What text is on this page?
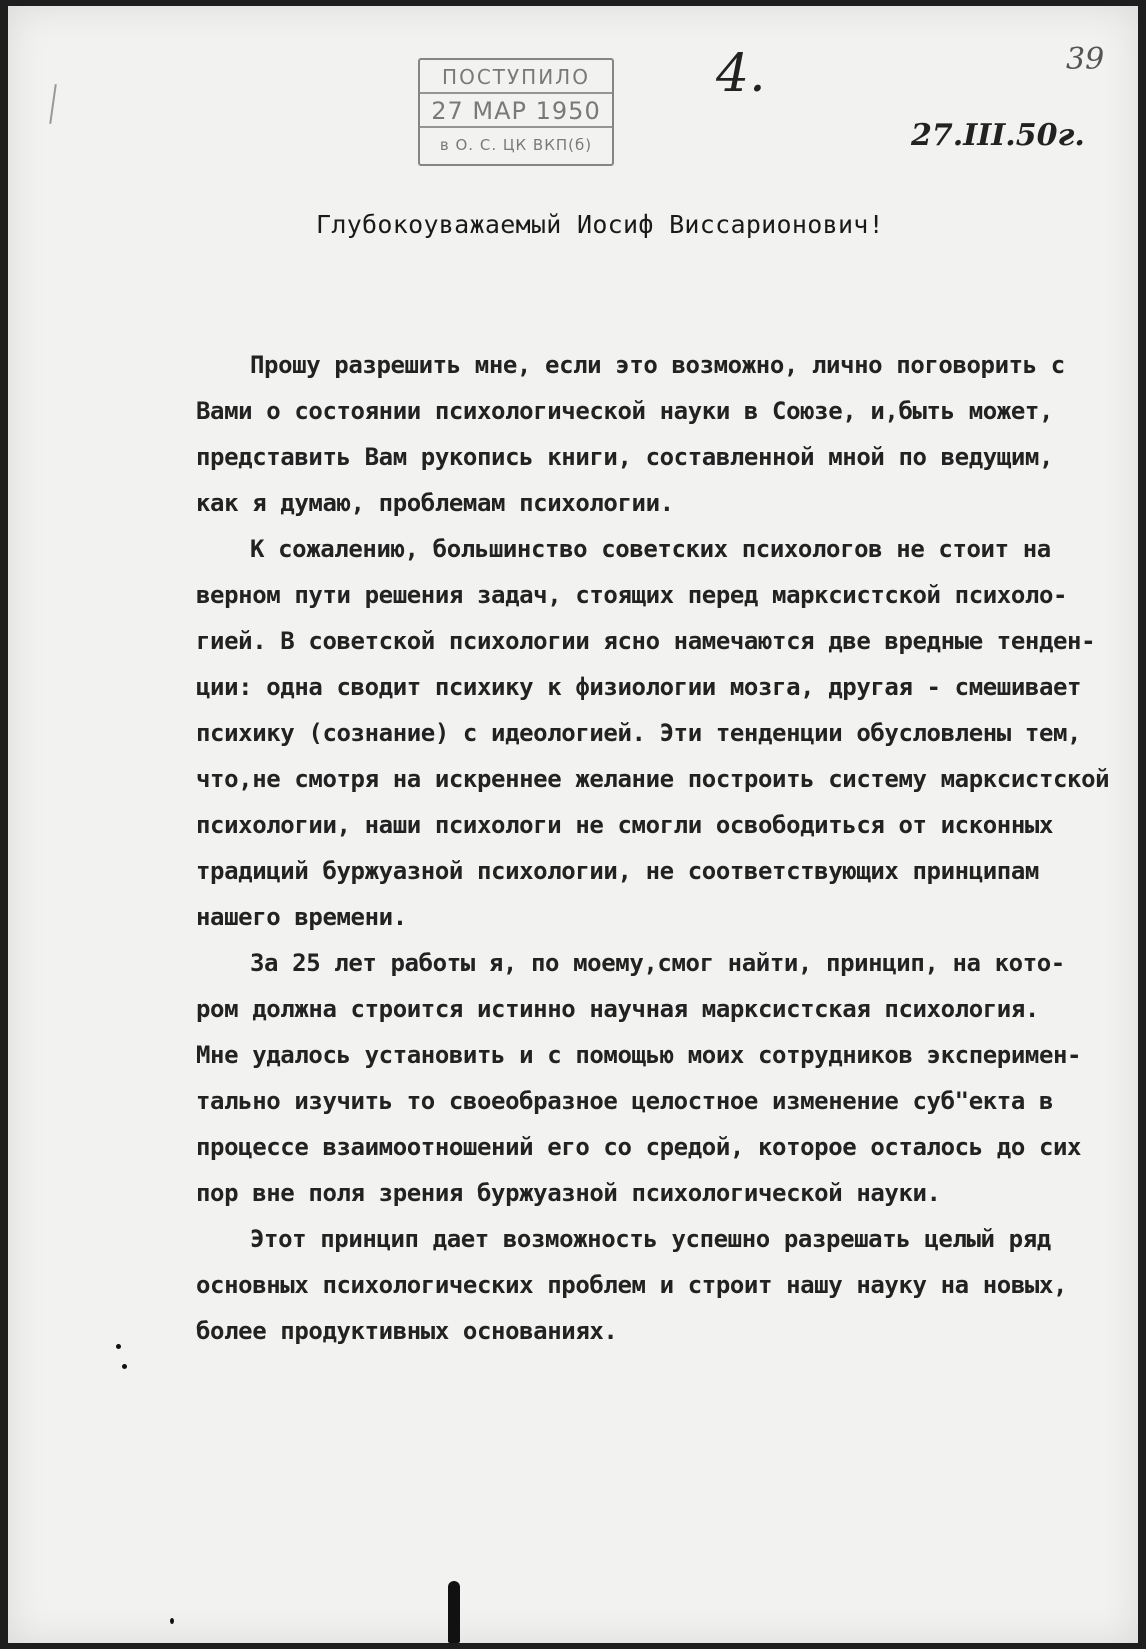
ПОСТУПИЛО
27 МАР 1950
в О. С. ЦК ВКП(б)
4.	39
27.III.50г.
Глубокоуважаемый Иосиф Виссарионович!
Прошу разрешить мне, если это возможно, лично поговорить с
Вами о состоянии психологической науки в Союзе, и,быть может,
представить Вам рукопись книги, составленной мной по ведущим,
как я думаю, проблемам психологии.
К сожалению, большинство советских психологов не стоит на
верном пути решения задач, стоящих перед марксистской психоло-
гией. В советской психологии ясно намечаются две вредные тенден-
ции: одна сводит психику к физиологии мозга, другая - смешивает
психику (сознание) с идеологией. Эти тенденции обусловлены тем,
что,не смотря на искреннее желание построить систему марксистской
психологии, наши психологи не смогли освободиться от исконных
традиций буржуазной психологии, не соответствующих принципам
нашего времени.
За 25 лет работы я, по моему,смог найти, принцип, на кото-
ром должна строится истинно научная марксистская психология.
Мне удалось установить и с помощью моих сотрудников эксперимен-
тально изучить то своеобразное целостное изменение суб"екта в
процессе взаимоотношений его со средой, которое осталось до сих
пор вне поля зрения буржуазной психологической науки.
Этот принцип дает возможность успешно разрешать целый ряд
основных психологических проблем и строит нашу науку на новых,
более продуктивных основаниях.
